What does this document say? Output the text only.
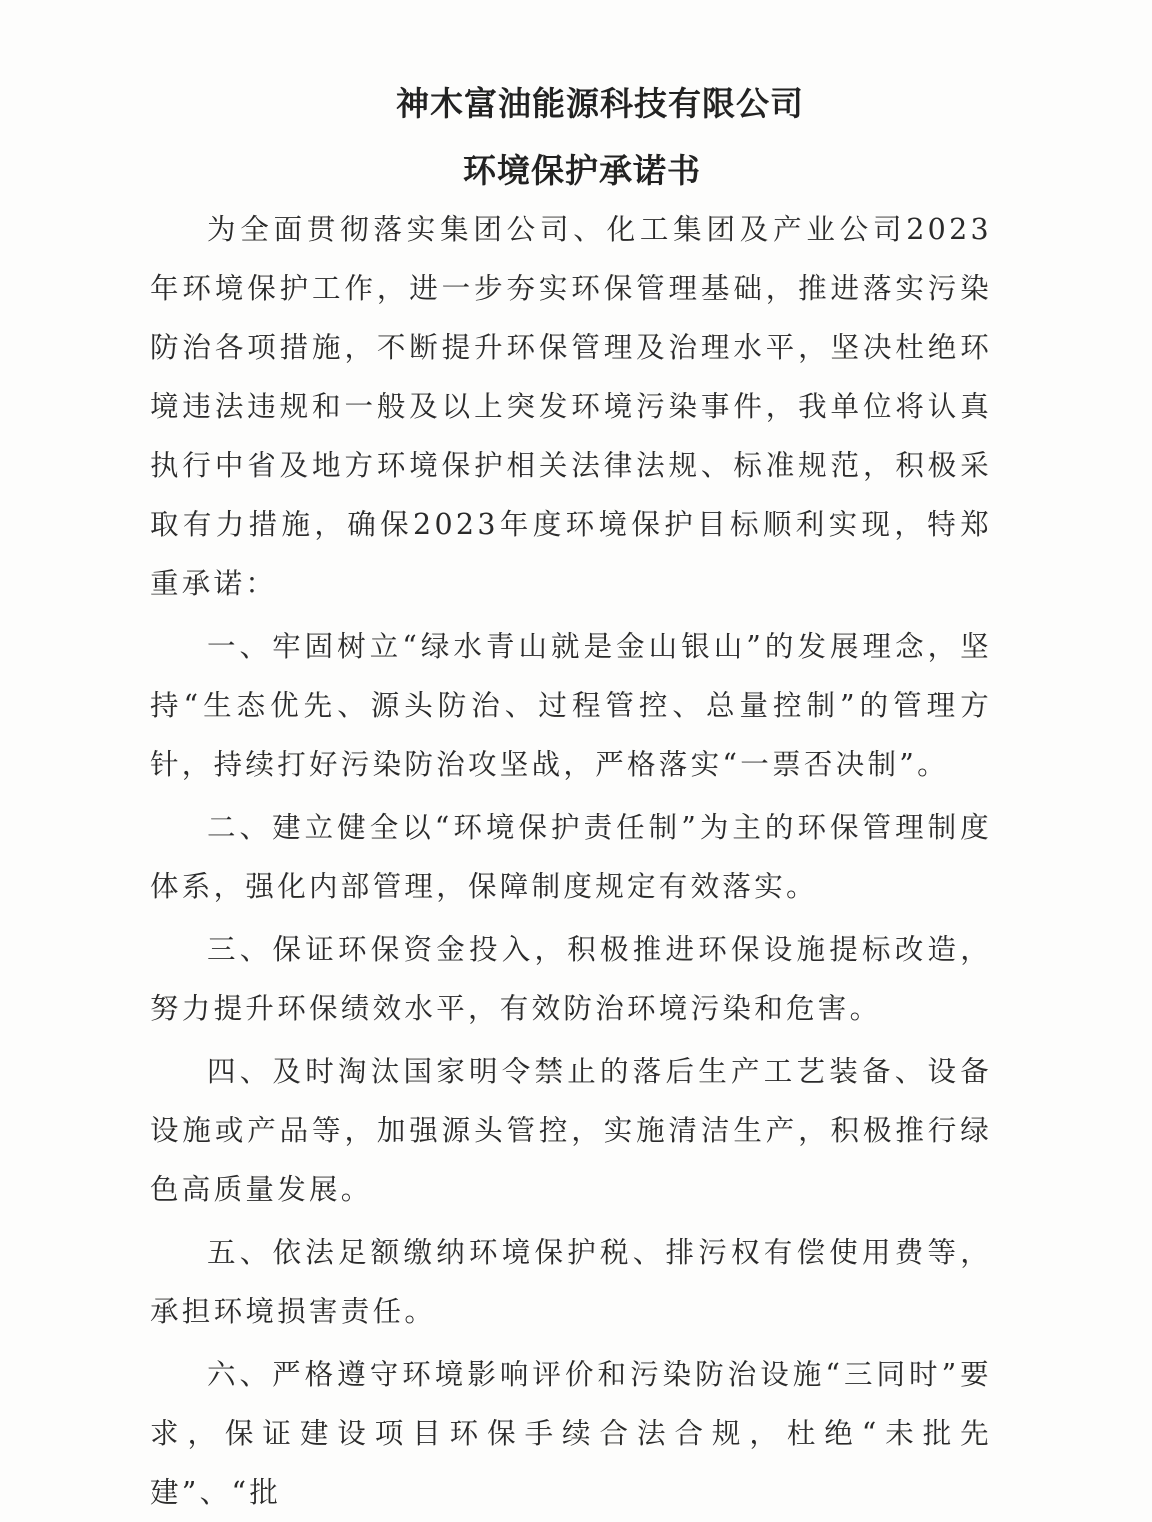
神木富油能源科技有限公司
环境保护承诺书

为全面贯彻落实集团公司、化工集团及产业公司2023年环境保护工作，进一步夯实环保管理基础，推进落实污染防治各项措施，不断提升环保管理及治理水平，坚决杜绝环境违法违规和一般及以上突发环境污染事件，我单位将认真执行中省及地方环境保护相关法律法规、标准规范，积极采取有力措施，确保2023年度环境保护目标顺利实现，特郑重承诺：

一、牢固树立“绿水青山就是金山银山”的发展理念，坚持“生态优先、源头防治、过程管控、总量控制”的管理方针，持续打好污染防治攻坚战，严格落实“一票否决制”。

二、建立健全以“环境保护责任制”为主的环保管理制度体系，强化内部管理，保障制度规定有效落实。

三、保证环保资金投入，积极推进环保设施提标改造，努力提升环保绩效水平，有效防治环境污染和危害。

四、及时淘汰国家明令禁止的落后生产工艺装备、设备设施或产品等，加强源头管控，实施清洁生产，积极推行绿色高质量发展。

五、依法足额缴纳环境保护税、排污权有偿使用费等，承担环境损害责任。

六、严格遵守环境影响评价和污染防治设施“三同时”要求，保证建设项目环保手续合法合规，杜绝“未批先建”、“批
